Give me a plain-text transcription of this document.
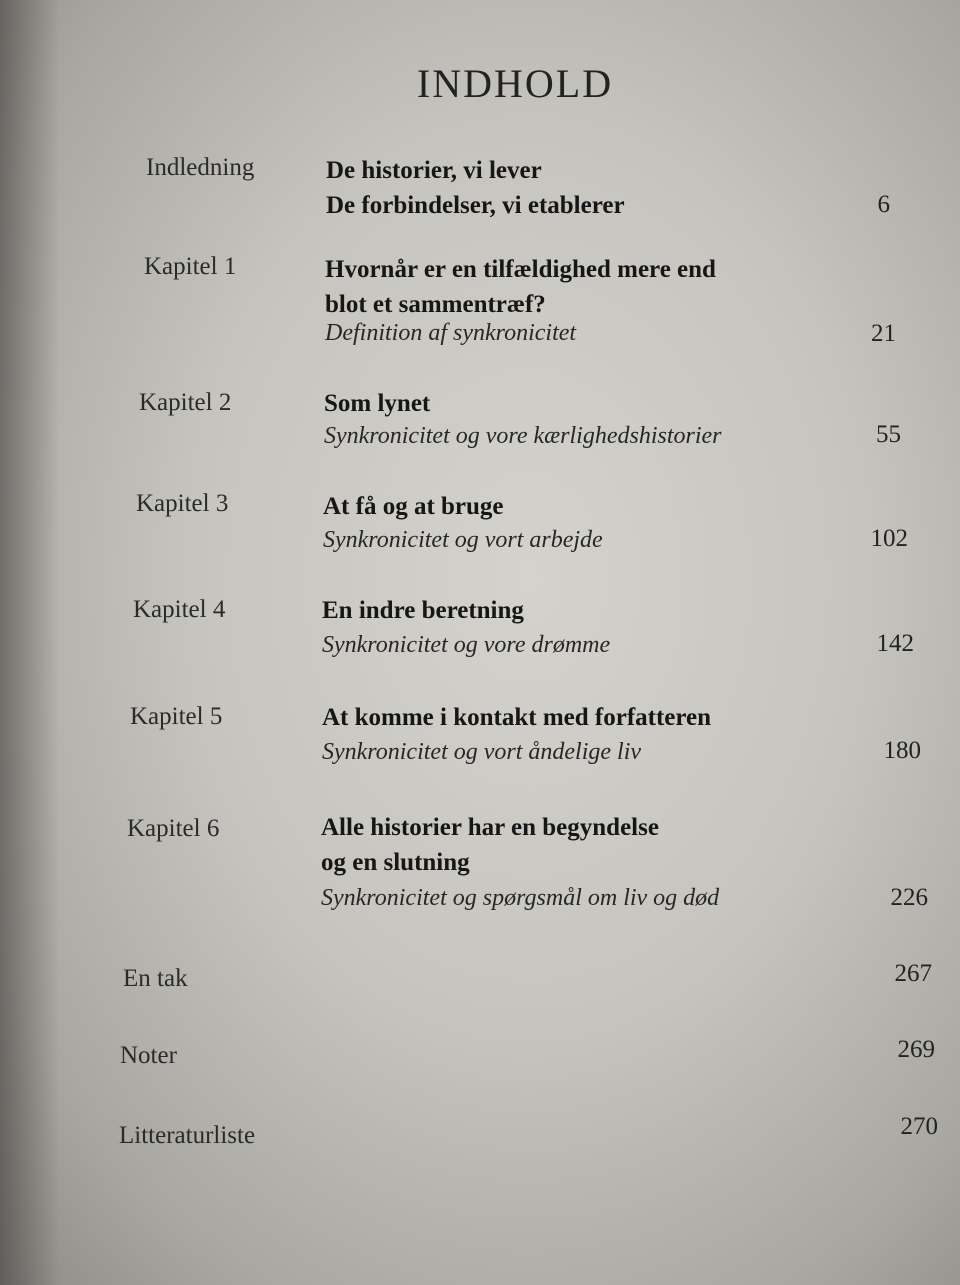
INDHOLD
Indledning	De historier, vi lever
De forbindelser, vi etablerer	6
Kapitel 1	Hvornår er en tilfældighed mere end
blot et sammentræf?
Definition af synkronicitet	21
Kapitel 2	Som lynet
Synkronicitet og vore kærlighedshistorier	55
Kapitel 3	At få og at bruge
Synkronicitet og vort arbejde	102
Kapitel 4	En indre beretning
Synkronicitet og vore drømme	142
Kapitel 5	At komme i kontakt med forfatteren
Synkronicitet og vort åndelige liv	180
Kapitel 6	Alle historier har en begyndelse
og en slutning
Synkronicitet og spørgsmål om liv og død	226
En tak	267
Noter	269
Litteraturliste	270
